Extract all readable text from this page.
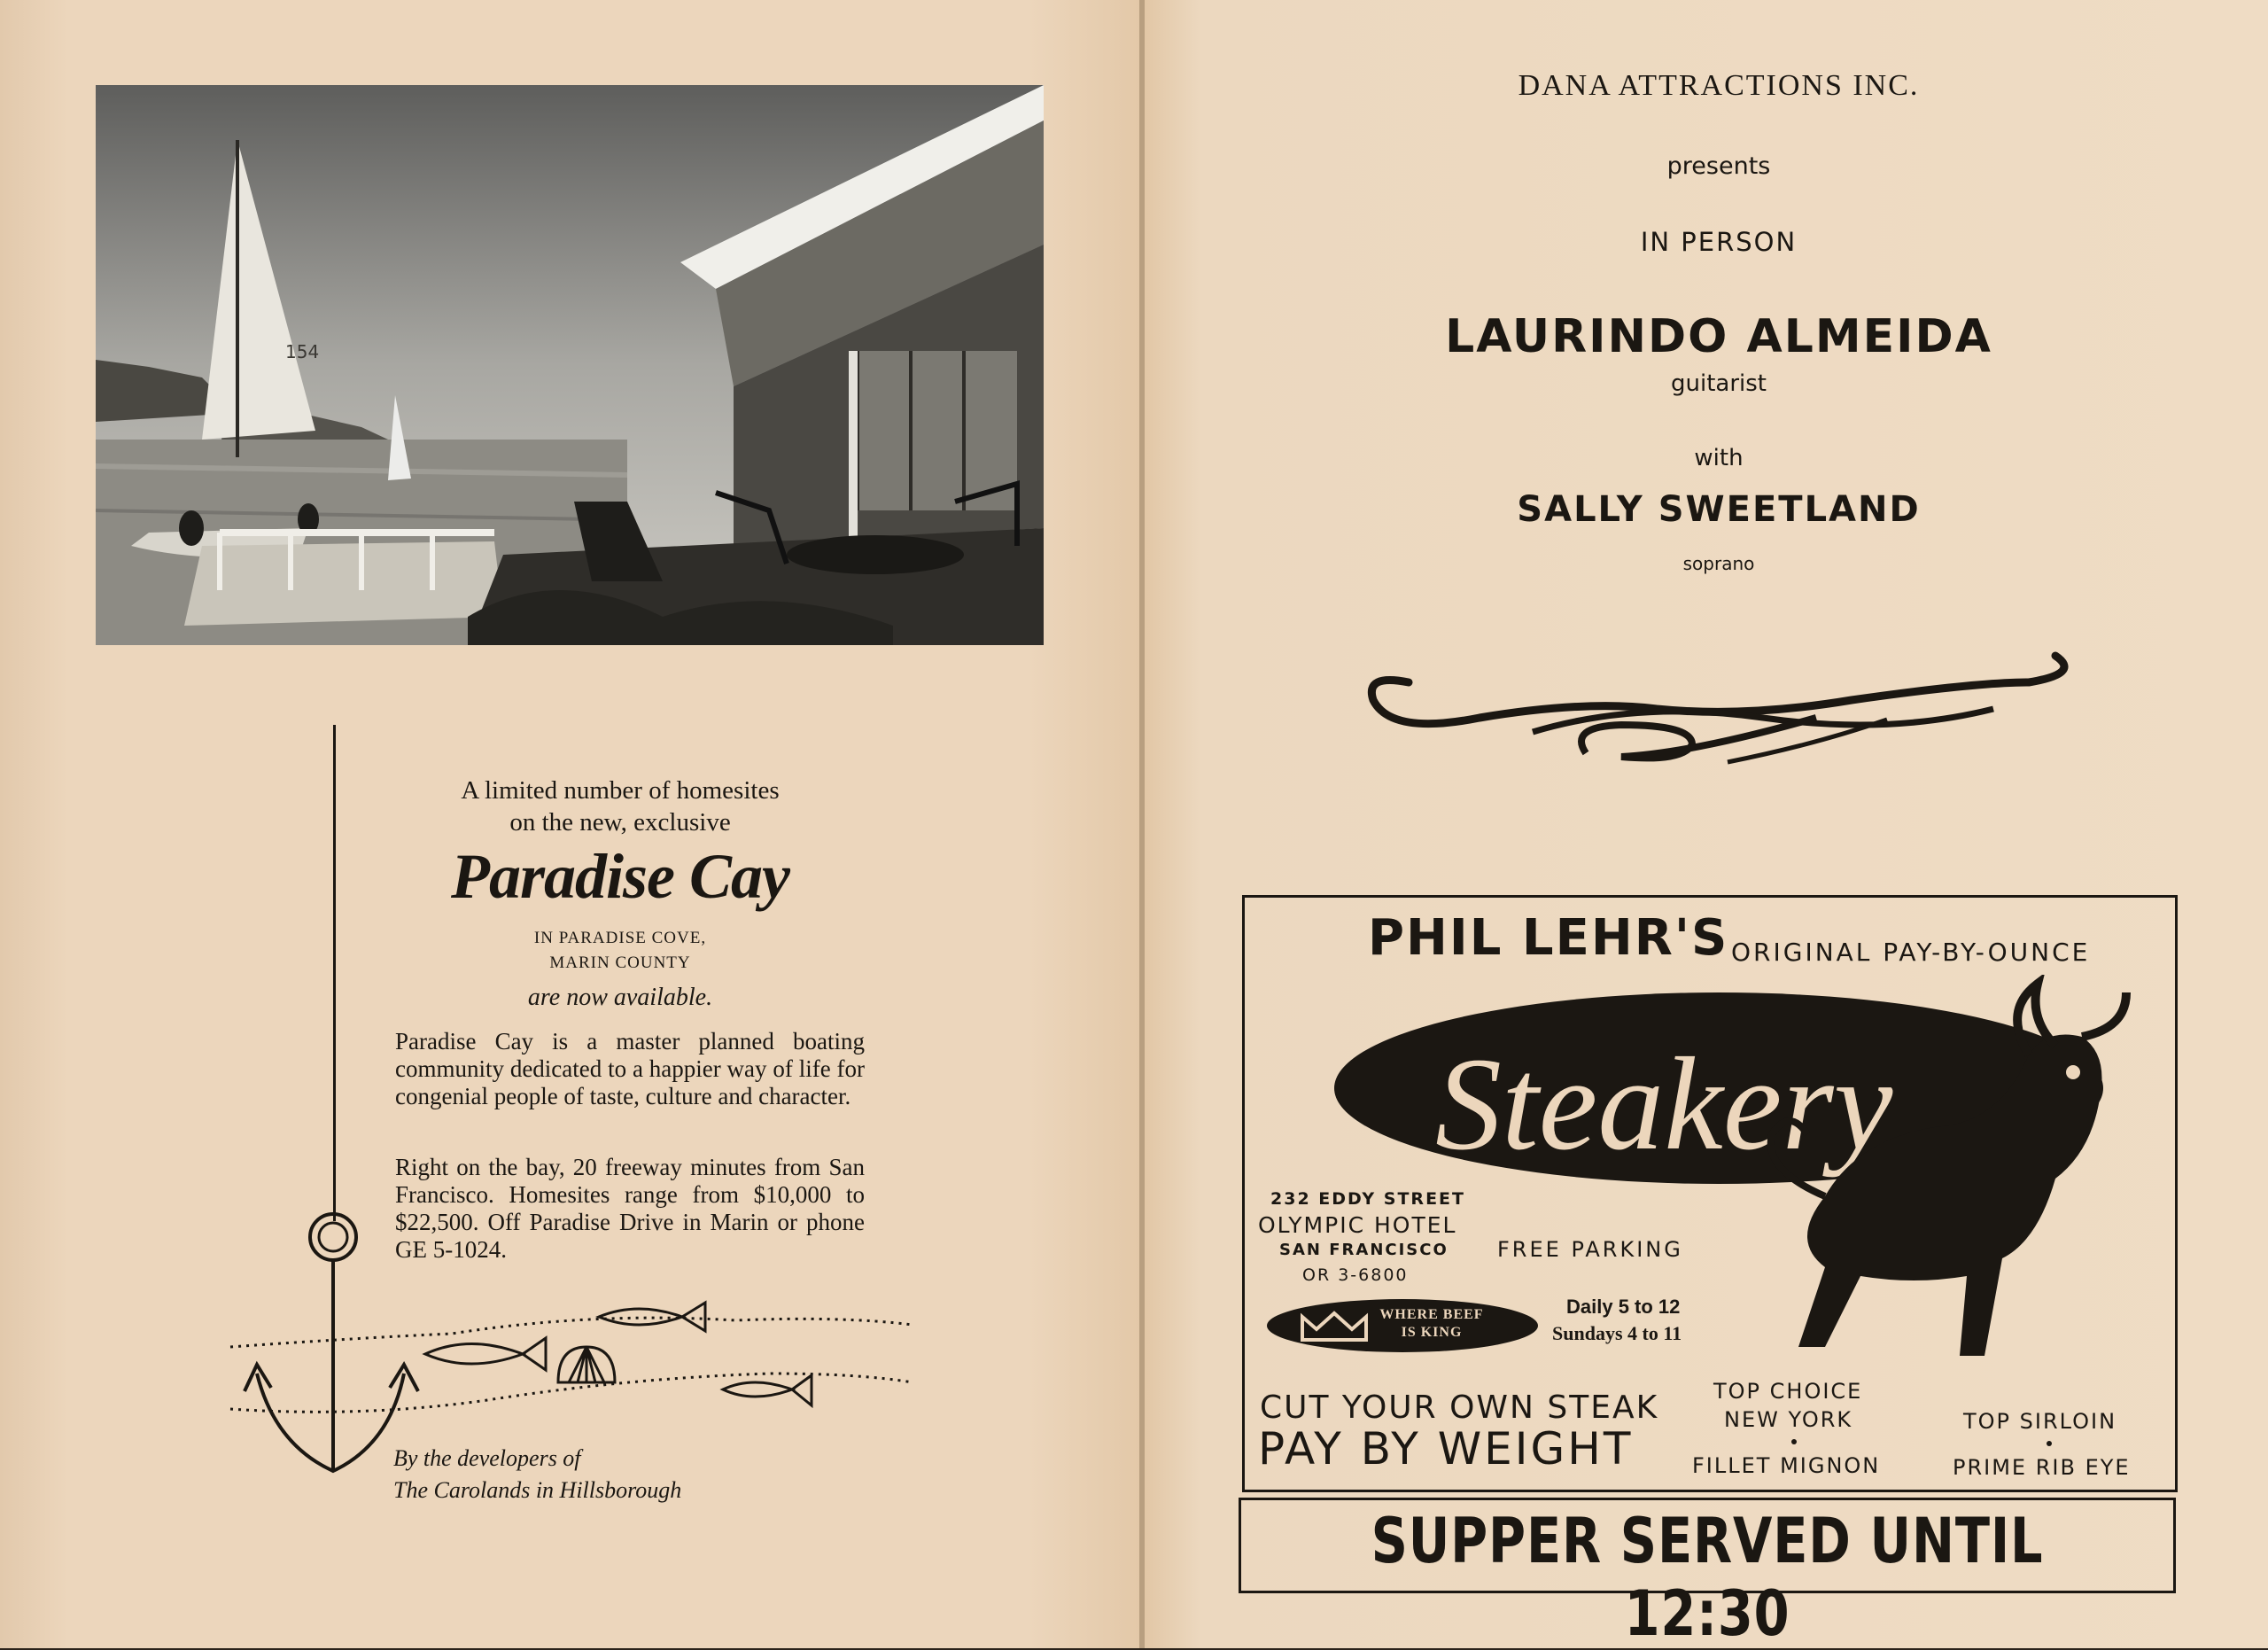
154
A limited number of homesites
on the new, exclusive
Paradise Cay
IN PARADISE COVE,
MARIN COUNTY
are now available.
Paradise Cay is a master planned boating community dedicated to a happier way of life for congenial people of taste, culture and character.
Right on the bay, 20 freeway minutes from San Francisco. Homesites range from $10,000 to $22,500. Off Paradise Drive in Marin or phone GE 5-1024.
By the developers of
The Carolands in Hillsborough
DANA ATTRACTIONS INC.
presents
IN PERSON
LAURINDO ALMEIDA
guitarist
with
SALLY SWEETLAND
soprano
PHIL LEHR'S ORIGINAL PAY-BY-OUNCE
Steakery
232 EDDY STREET
OLYMPIC HOTEL
SAN FRANCISCO
OR 3-6800
FREE PARKING
WHERE BEEF
IS KING
Daily 5 to 12
Sundays 4 to 11
CUT YOUR OWN STEAK
PAY BY WEIGHT
TOP CHOICE
NEW YORK
FILLET MIGNON
TOP SIRLOIN
PRIME RIB EYE
SUPPER SERVED UNTIL 12:30
